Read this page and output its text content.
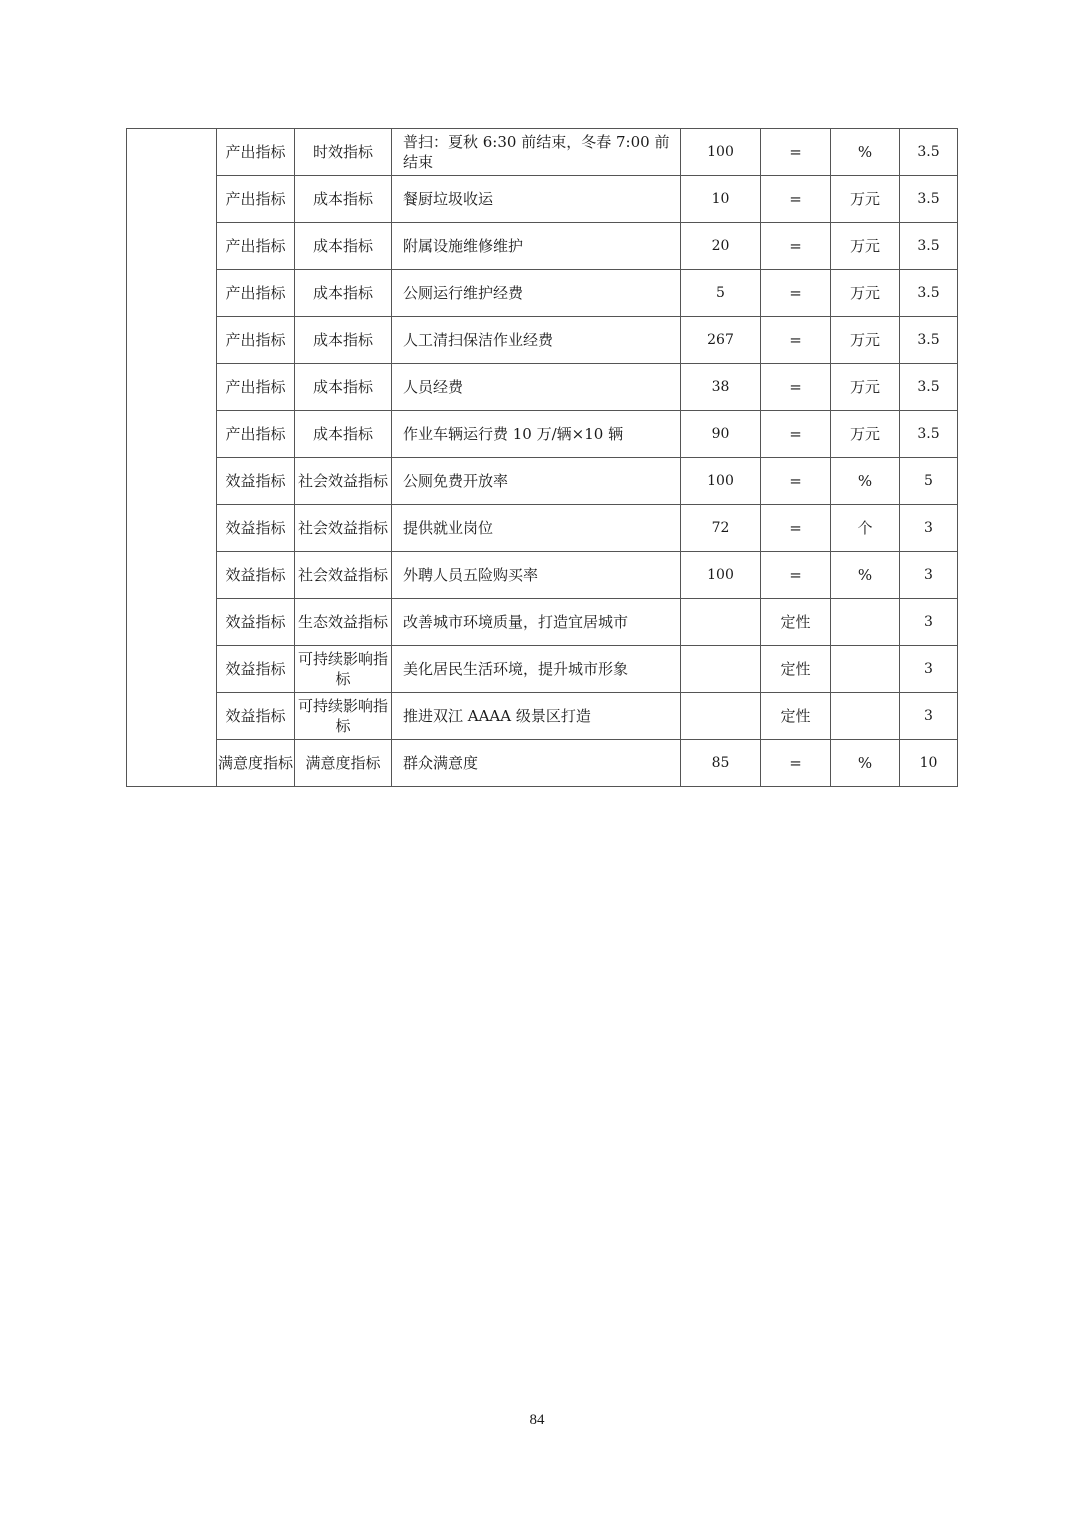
	产出指标	时效指标	普扫：夏秋 6:30 前结束，冬春 7:00 前结束	100	=	%	3.5
	产出指标	成本指标	餐厨垃圾收运	10	=	万元	3.5
	产出指标	成本指标	附属设施维修维护	20	=	万元	3.5
	产出指标	成本指标	公厕运行维护经费	5	=	万元	3.5
	产出指标	成本指标	人工清扫保洁作业经费	267	=	万元	3.5
	产出指标	成本指标	人员经费	38	=	万元	3.5
	产出指标	成本指标	作业车辆运行费 10 万/辆×10 辆	90	=	万元	3.5
	效益指标	社会效益指标	公厕免费开放率	100	=	%	5
	效益指标	社会效益指标	提供就业岗位	72	=	个	3
	效益指标	社会效益指标	外聘人员五险购买率	100	=	%	3
	效益指标	生态效益指标	改善城市环境质量，打造宜居城市		定性		3
	效益指标	可持续影响指标	美化居民生活环境，提升城市形象		定性		3
	效益指标	可持续影响指标	推进双江 AAAA 级景区打造		定性		3
	满意度指标	满意度指标	群众满意度	85	=	%	10
84
